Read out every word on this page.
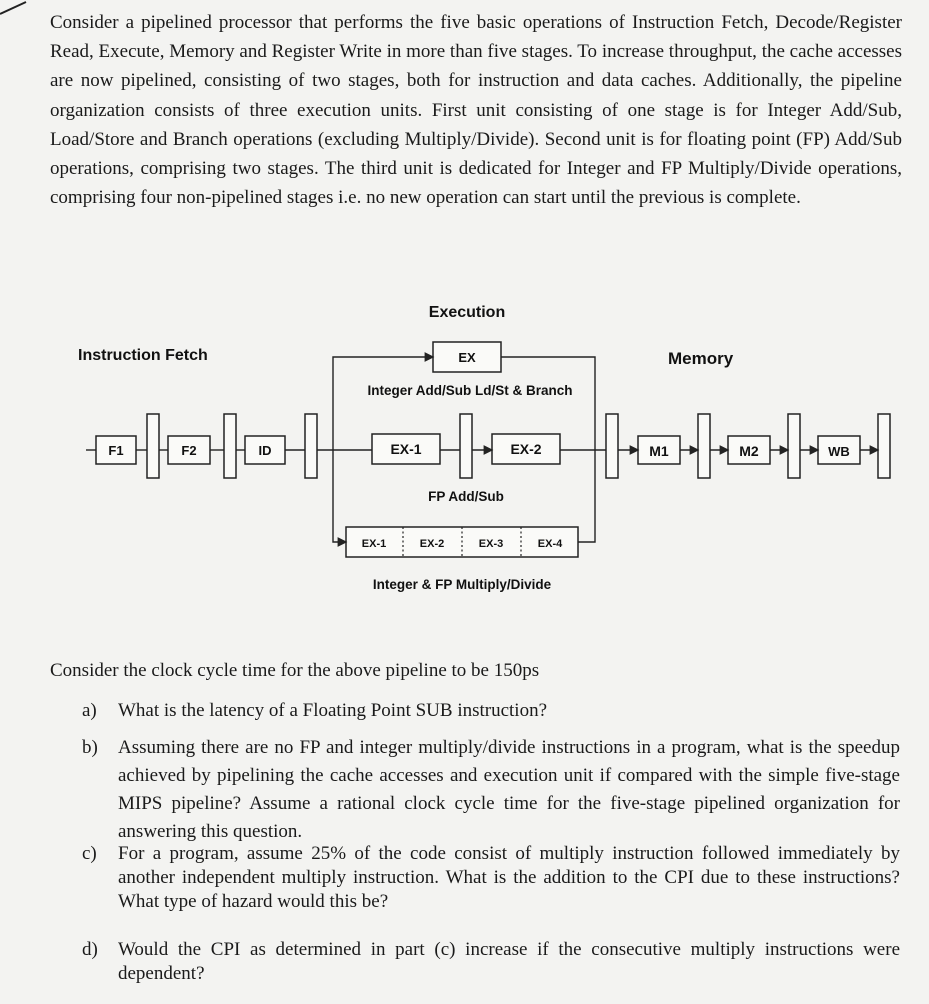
Consider a pipelined processor that performs the five basic operations of Instruction Fetch, Decode/Register Read, Execute, Memory and Register Write in more than five stages. To increase throughput, the cache accesses are now pipelined, consisting of two stages, both for instruction and data caches. Additionally, the pipeline organization consists of three execution units. First unit consisting of one stage is for Integer Add/Sub, Load/Store and Branch operations (excluding Multiply/Divide). Second unit is for floating point (FP) Add/Sub operations, comprising two stages. The third unit is dedicated for Integer and FP Multiply/Divide operations, comprising four non-pipelined stages i.e. no new operation can start until the previous is complete.

Execution
Instruction Fetch	Memory
F1	F2	ID
EX
EX-1	EX-2
EX-1	EX-2	EX-3	EX-4
M1	M2	WB
Integer Add/Sub Ld/St & Branch
FP Add/Sub
Integer & FP Multiply/Divide

Consider the clock cycle time for the above pipeline to be 150ps

a)	What is the latency of a Floating Point SUB instruction?
b)	Assuming there are no FP and integer multiply/divide instructions in a program, what is the speedup achieved by pipelining the cache accesses and execution unit if compared with the simple five-stage MIPS pipeline? Assume a rational clock cycle time for the five-stage pipelined organization for answering this question.
c)	For a program, assume 25% of the code consist of multiply instruction followed immediately by another independent multiply instruction. What is the addition to the CPI due to these instructions? What type of hazard would this be?
d)	Would the CPI as determined in part (c) increase if the consecutive multiply instructions were dependent?
